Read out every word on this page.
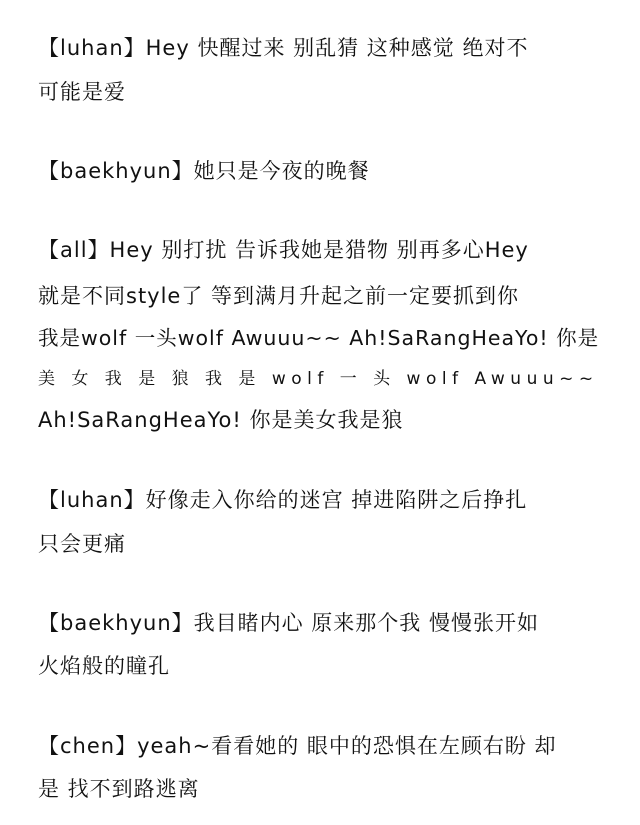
【luhan】Hey 快醒过来 别乱猜 这种感觉 绝对不
可能是爱
【baekhyun】她只是今夜的晚餐
【all】Hey 别打扰 告诉我她是猎物 别再多心Hey
就是不同style了 等到满月升起之前一定要抓到你
我是wolf 一头wolf Awuuu~~ Ah!SaRangHeaYo! 你是
美 女 我 是 狼 我 是 wolf 一 头 wolf Awuuu~~
Ah!SaRangHeaYo! 你是美女我是狼
【luhan】好像走入你给的迷宫 掉进陷阱之后挣扎
只会更痛
【baekhyun】我目睹内心 原来那个我 慢慢张开如
火焰般的瞳孔
【chen】yeah~看看她的 眼中的恐惧在左顾右盼 却
是 找不到路逃离
